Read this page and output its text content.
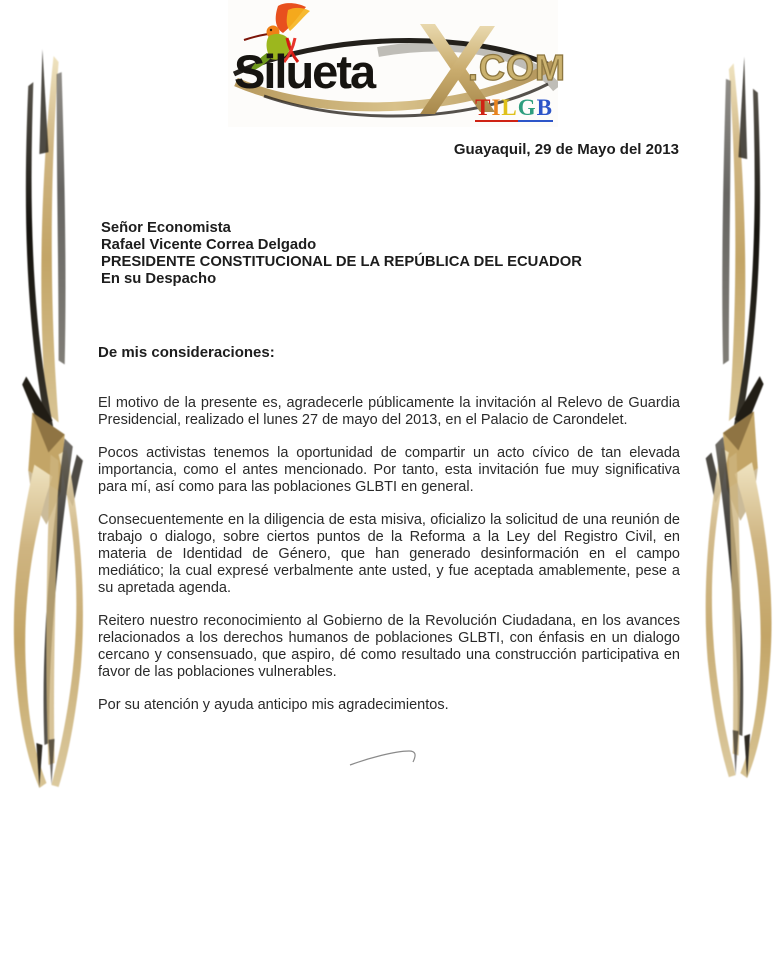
Silueta	.COM
TIL GB
Guayaquil, 29 de Mayo del 2013
Señor Economista
Rafael Vicente Correa Delgado
PRESIDENTE CONSTITUCIONAL DE LA REPÚBLICA DEL ECUADOR
En su Despacho
De mis consideraciones:

El motivo de la presente es, agradecerle públicamente la invitación al Relevo de Guardia Presidencial, realizado el lunes 27 de mayo del 2013, en el Palacio de Carondelet.

Pocos activistas tenemos la oportunidad de compartir un acto cívico de tan elevada importancia, como el antes mencionado. Por tanto, esta invitación fue muy significativa para mí, así como para las poblaciones GLBTI en general.

Consecuentemente en la diligencia de esta misiva, oficializo la solicitud de una reunión de trabajo o dialogo, sobre ciertos puntos de la Reforma a la Ley del Registro Civil, en materia de Identidad de Género, que han generado desinformación en el campo mediático; la cual expresé verbalmente ante usted, y fue aceptada amablemente, pese a su apretada agenda.

Reitero nuestro reconocimiento al Gobierno de la Revolución Ciudadana, en los avances relacionados a los derechos humanos de poblaciones GLBTI, con énfasis en un dialogo cercano y consensuado, que aspiro, dé como resultado una construcción participativa en favor de las poblaciones vulnerables.

Por su atención y ayuda anticipo mis agradecimientos.
